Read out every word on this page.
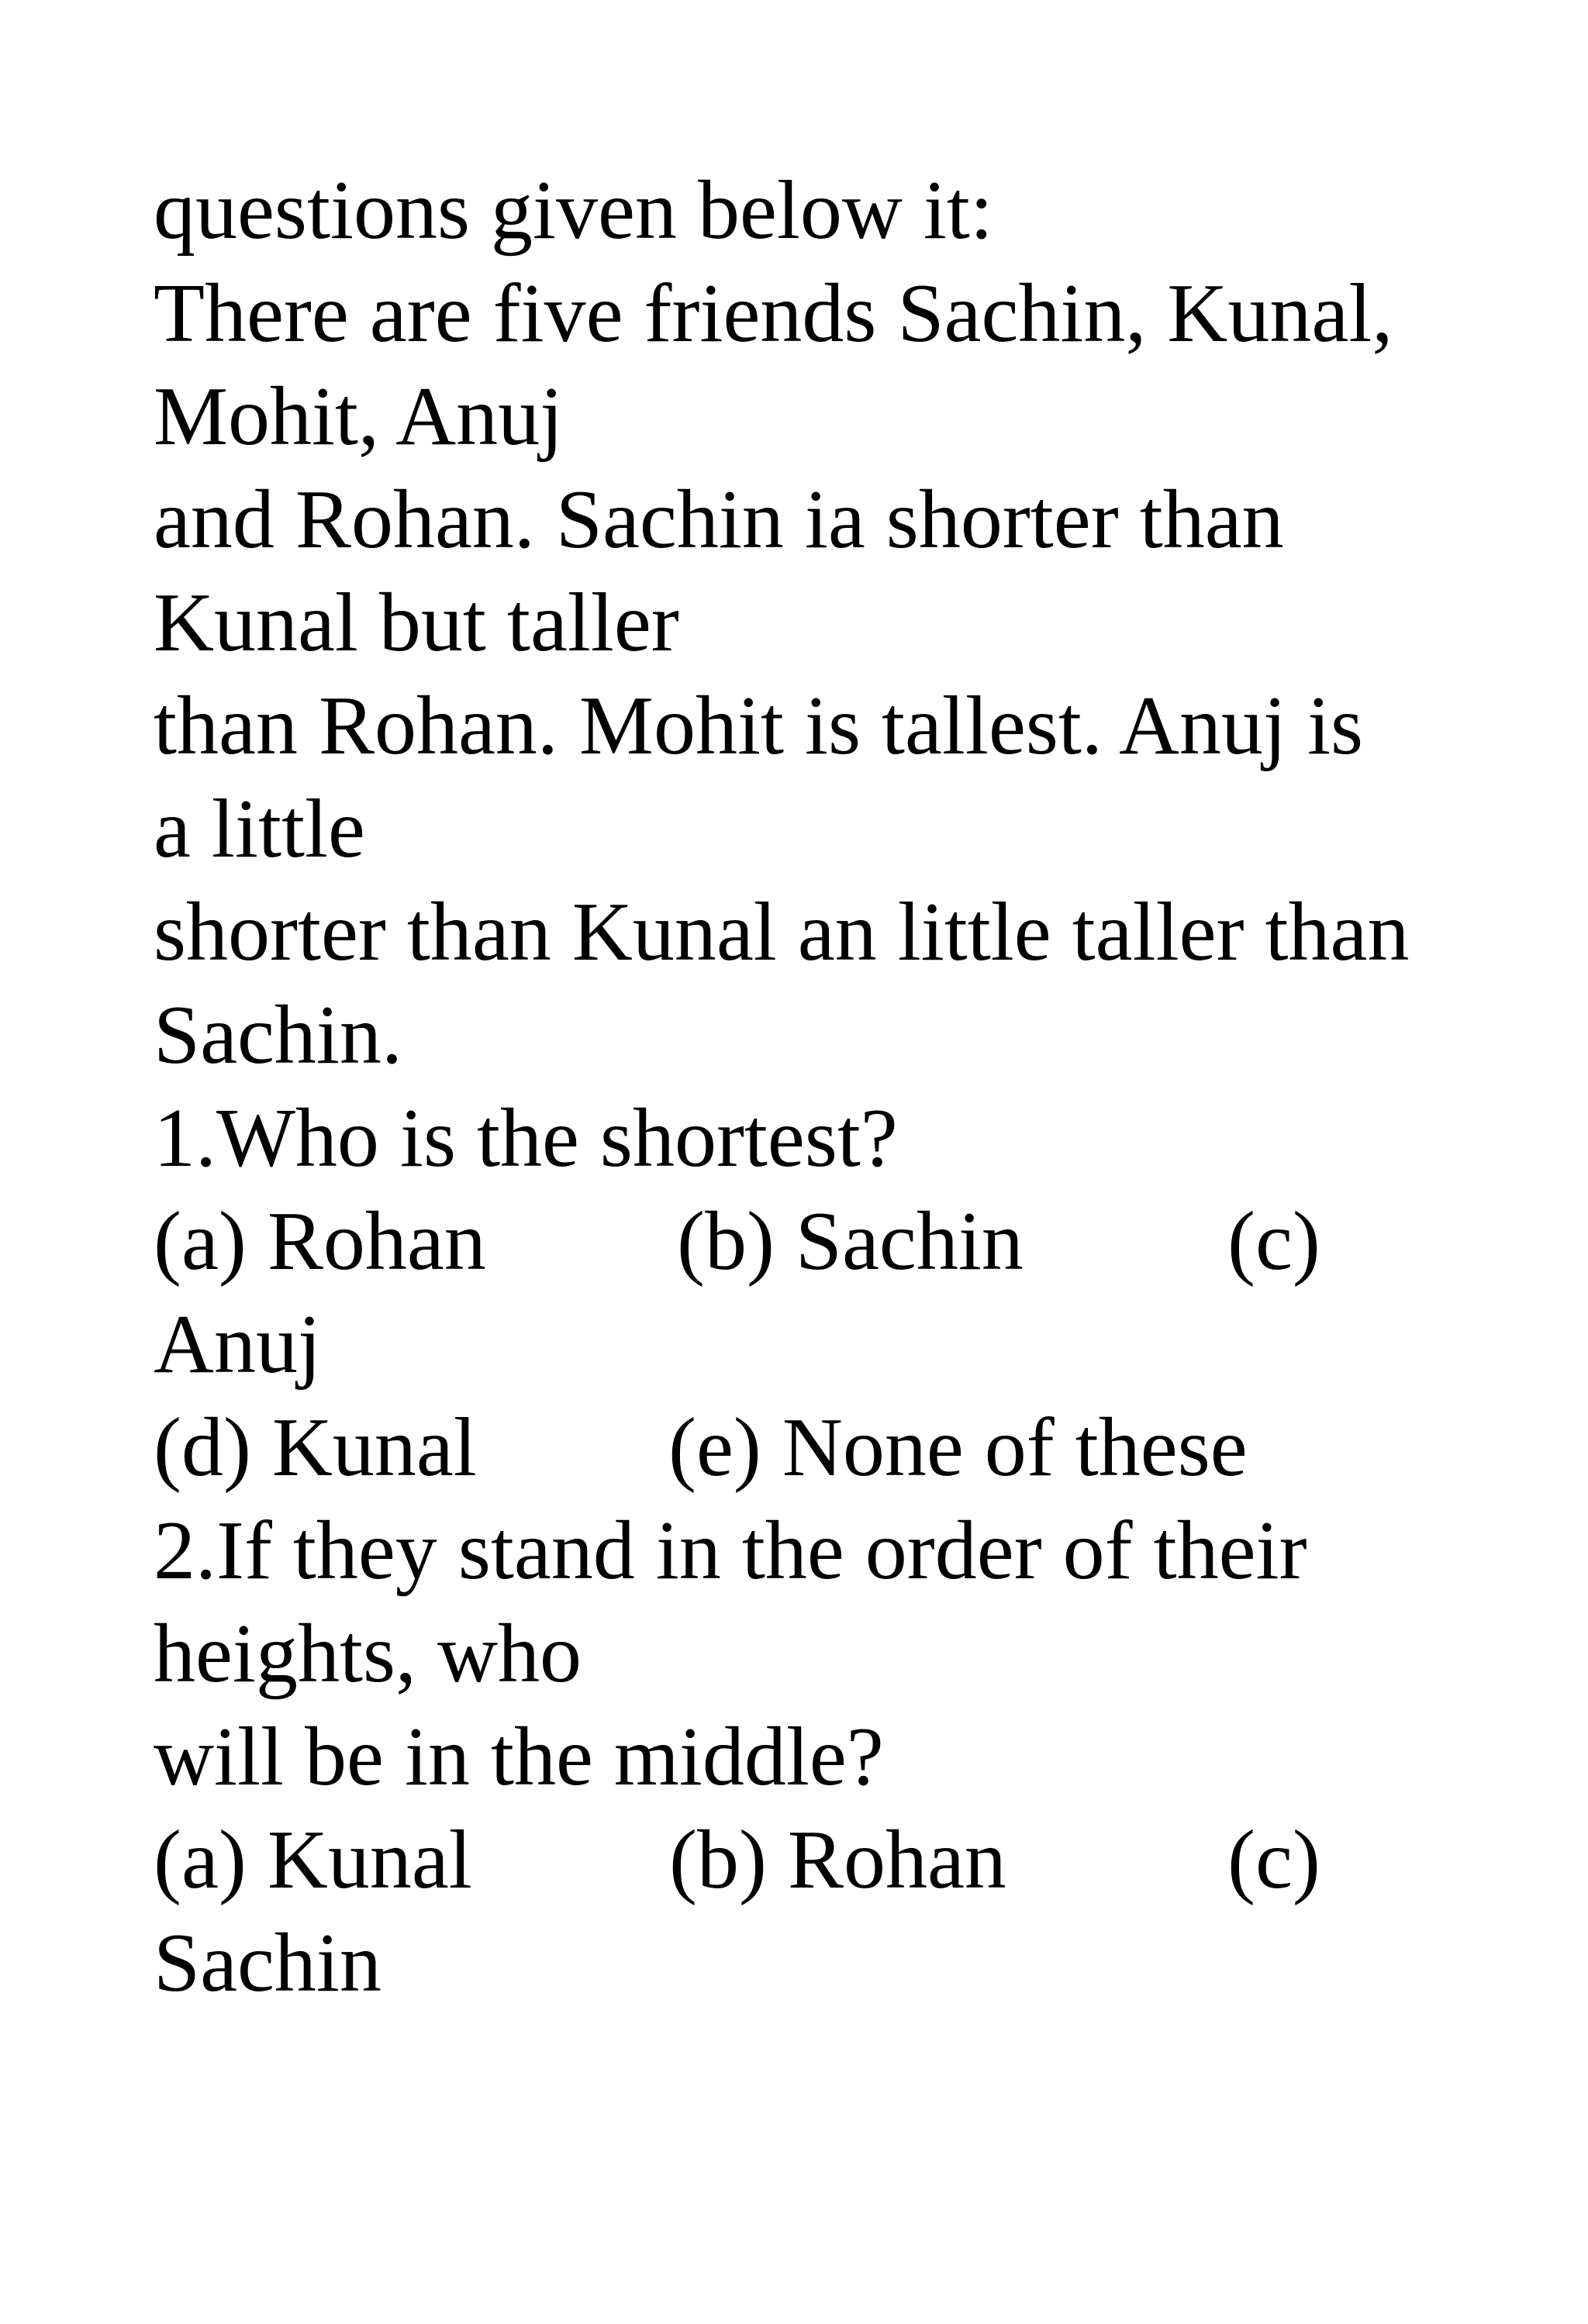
questions given below it:
There are five friends Sachin, Kunal,
Mohit, Anuj
and Rohan. Sachin ia shorter than
Kunal but taller
than Rohan. Mohit is tallest. Anuj is
a little
shorter than Kunal an little taller than
Sachin.
1.Who is the shortest?

(a) Rohan

(b) Sachin

(c)

Anuj

(d) Kunal

(e) None of these

2.If they stand in the order of their
heights, who
will be in the middle?

(a) Kunal

(b) Rohan

	(c)

Sachin
